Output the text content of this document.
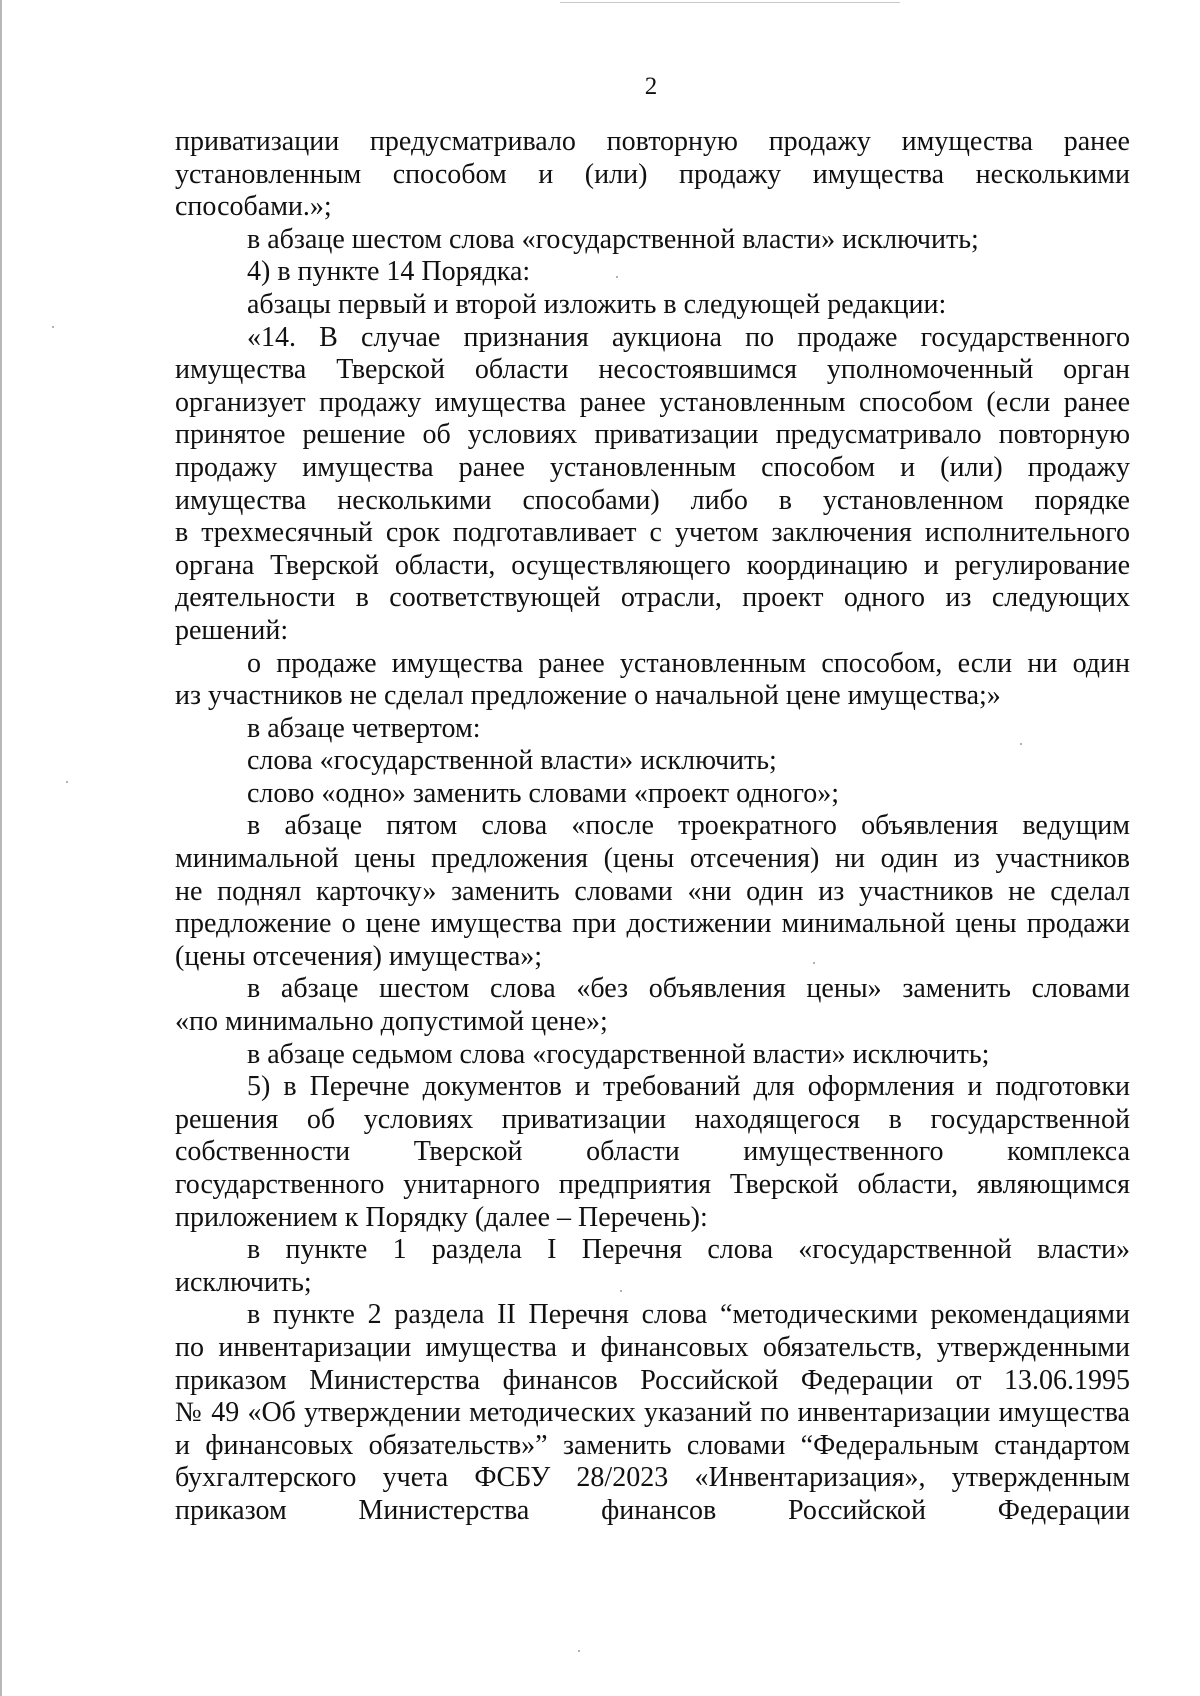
2

приватизации предусматривало повторную продажу имущества ранее

установленным способом и (или) продажу имущества несколькими

способами.»;

в абзаце шестом слова «государственной власти» исключить;

4) в пункте 14 Порядка:

абзацы первый и второй изложить в следующей редакции:

«14. В случае признания аукциона по продаже государственного

имущества Тверской области несостоявшимся уполномоченный орган

организует продажу имущества ранее установленным способом (если ранее

принятое решение об условиях приватизации предусматривало повторную

продажу имущества ранее установленным способом и (или) продажу

имущества несколькими способами) либо в установленном порядке

в трехмесячный срок подготавливает с учетом заключения исполнительного

органа Тверской области, осуществляющего координацию и регулирование

деятельности в соответствующей отрасли, проект одного из следующих

решений:

о продаже имущества ранее установленным способом, если ни один

из участников не сделал предложение о начальной цене имущества;»

в абзаце четвертом:

слова «государственной власти» исключить;

слово «одно» заменить словами «проект одного»;

в абзаце пятом слова «после троекратного объявления ведущим

минимальной цены предложения (цены отсечения) ни один из участников

не поднял карточку» заменить словами «ни один из участников не сделал

предложение о цене имущества при достижении минимальной цены продажи

(цены отсечения) имущества»;

в абзаце шестом слова «без объявления цены» заменить словами

«по минимально допустимой цене»;

в абзаце седьмом слова «государственной власти» исключить;

5) в Перечне документов и требований для оформления и подготовки

решения об условиях приватизации находящегося в государственной

собственности Тверской области имущественного комплекса

государственного унитарного предприятия Тверской области, являющимся

приложением к Порядку (далее – Перечень):

в пункте 1 раздела I Перечня слова «государственной власти»

исключить;

в пункте 2 раздела II Перечня слова “методическими рекомендациями

по инвентаризации имущества и финансовых обязательств, утвержденными

приказом Министерства финансов Российской Федерации от 13.06.1995

№ 49 «Об утверждении методических указаний по инвентаризации имущества

и финансовых обязательств»” заменить словами “Федеральным стандартом

бухгалтерского учета ФСБУ 28/2023 «Инвентаризация», утвержденным

приказом Министерства финансов Российской Федерации
